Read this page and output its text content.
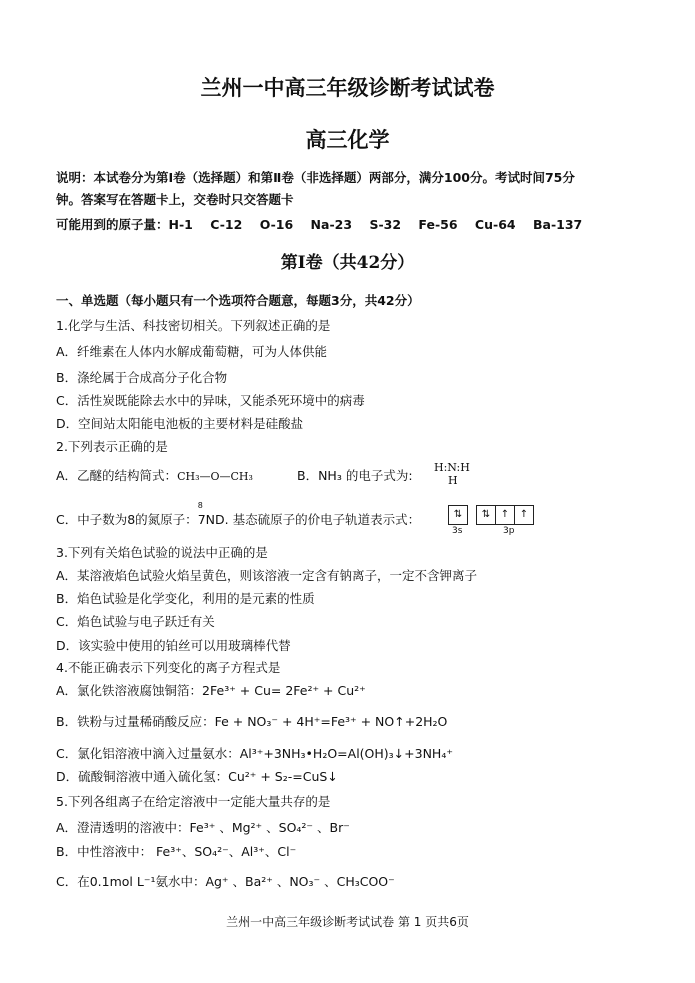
兰州一中高三年级诊断考试试卷
高三化学
说明：本试卷分为第Ⅰ卷（选择题）和第Ⅱ卷（非选择题）两部分，满分100分。考试时间75分
钟。答案写在答题卡上，交卷时只交答题卡
可能用到的原子量：H-1    C-12    O-16    Na-23    S-32    Fe-56    Cu-64    Ba-137
第Ⅰ卷（共42分）
一、单选题（每小题只有一个选项符合题意，每题3分，共42分）
1.化学与生活、科技密切相关。下列叙述正确的是
A．纤维素在人体内水解成葡萄糖，可为人体供能
B．涤纶属于合成高分子化合物
C．活性炭既能除去水中的异味，又能杀死环境中的病毒
D．空间站太阳能电池板的主要材料是硅酸盐
2.下列表示正确的是
A．乙醚的结构简式：CH₃—O—CH₃	B．NH₃ 的电子式为:
H:N:H
H
C．中子数为8的氮原子：
8
7ND. 基态硫原子的价电子轨道表示式：	⇅ ⇅ ↑ ↑
3s	3p
3.下列有关焰色试验的说法中正确的是
A．某溶液焰色试验火焰呈黄色，则该溶液一定含有钠离子，一定不含钾离子
B．焰色试验是化学变化，利用的是元素的性质
C．焰色试验与电子跃迁有关
D．该实验中使用的铂丝可以用玻璃棒代替
4.不能正确表示下列变化的离子方程式是
A．氯化铁溶液腐蚀铜箔：2Fe³⁺ + Cu= 2Fe²⁺ + Cu²⁺
B．铁粉与过量稀硝酸反应：Fe + NO₃⁻ + 4H⁺=Fe³⁺ + NO↑+2H₂O
C．氯化铝溶液中滴入过量氨水：Al³⁺+3NH₃•H₂O=Al(OH)₃↓+3NH₄⁺
D．硫酸铜溶液中通入硫化氢：Cu²⁺ + S₂-=CuS↓
5.下列各组离子在给定溶液中一定能大量共存的是
A．澄清透明的溶液中：Fe³⁺ 、Mg²⁺ 、SO₄²⁻ 、Br⁻
B．中性溶液中： Fe³⁺、SO₄²⁻、Al³⁺、Cl⁻
C．在0.1mol L⁻¹氨水中：Ag⁺ 、Ba²⁺ 、NO₃⁻ 、CH₃COO⁻
兰州一中高三年级诊断考试试卷 第 1 页共6页
